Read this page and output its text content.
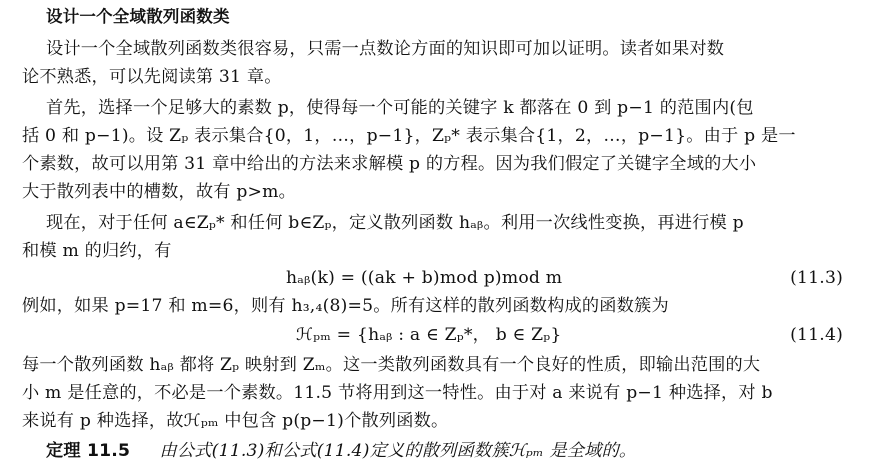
设计一个全域散列函数类
设计一个全域散列函数类很容易，只需一点数论方面的知识即可加以证明。读者如果对数
论不熟悉，可以先阅读第 31 章。
首先，选择一个足够大的素数 p，使得每一个可能的关键字 k 都落在 0 到 p−1 的范围内(包
括 0 和 p−1)。设 Zₚ 表示集合{0，1，…，p−1}，Zₚ* 表示集合{1，2，…，p−1}。由于 p 是一
个素数，故可以用第 31 章中给出的方法来求解模 p 的方程。因为我们假定了关键字全域的大小
大于散列表中的槽数，故有 p>m。
现在，对于任何 a∈Zₚ* 和任何 b∈Zₚ，定义散列函数 hₐᵦ。利用一次线性变换，再进行模 p
和模 m 的归约，有
hₐᵦ(k) = ((ak + b)mod p)mod m	(11.3)
例如，如果 p=17 和 m=6，则有 h₃,₄(8)=5。所有这样的散列函数构成的函数簇为
ℋₚₘ = {hₐᵦ : a ∈ Zₚ*， b ∈ Zₚ}	(11.4)
每一个散列函数 hₐᵦ 都将 Zₚ 映射到 Zₘ。这一类散列函数具有一个良好的性质，即输出范围的大
小 m 是任意的，不必是一个素数。11.5 节将用到这一特性。由于对 a 来说有 p−1 种选择，对 b
来说有 p 种选择，故ℋₚₘ 中包含 p(p−1)个散列函数。
定理 11.5 由公式(11.3)和公式(11.4)定义的散列函数簇ℋₚₘ 是全域的。
